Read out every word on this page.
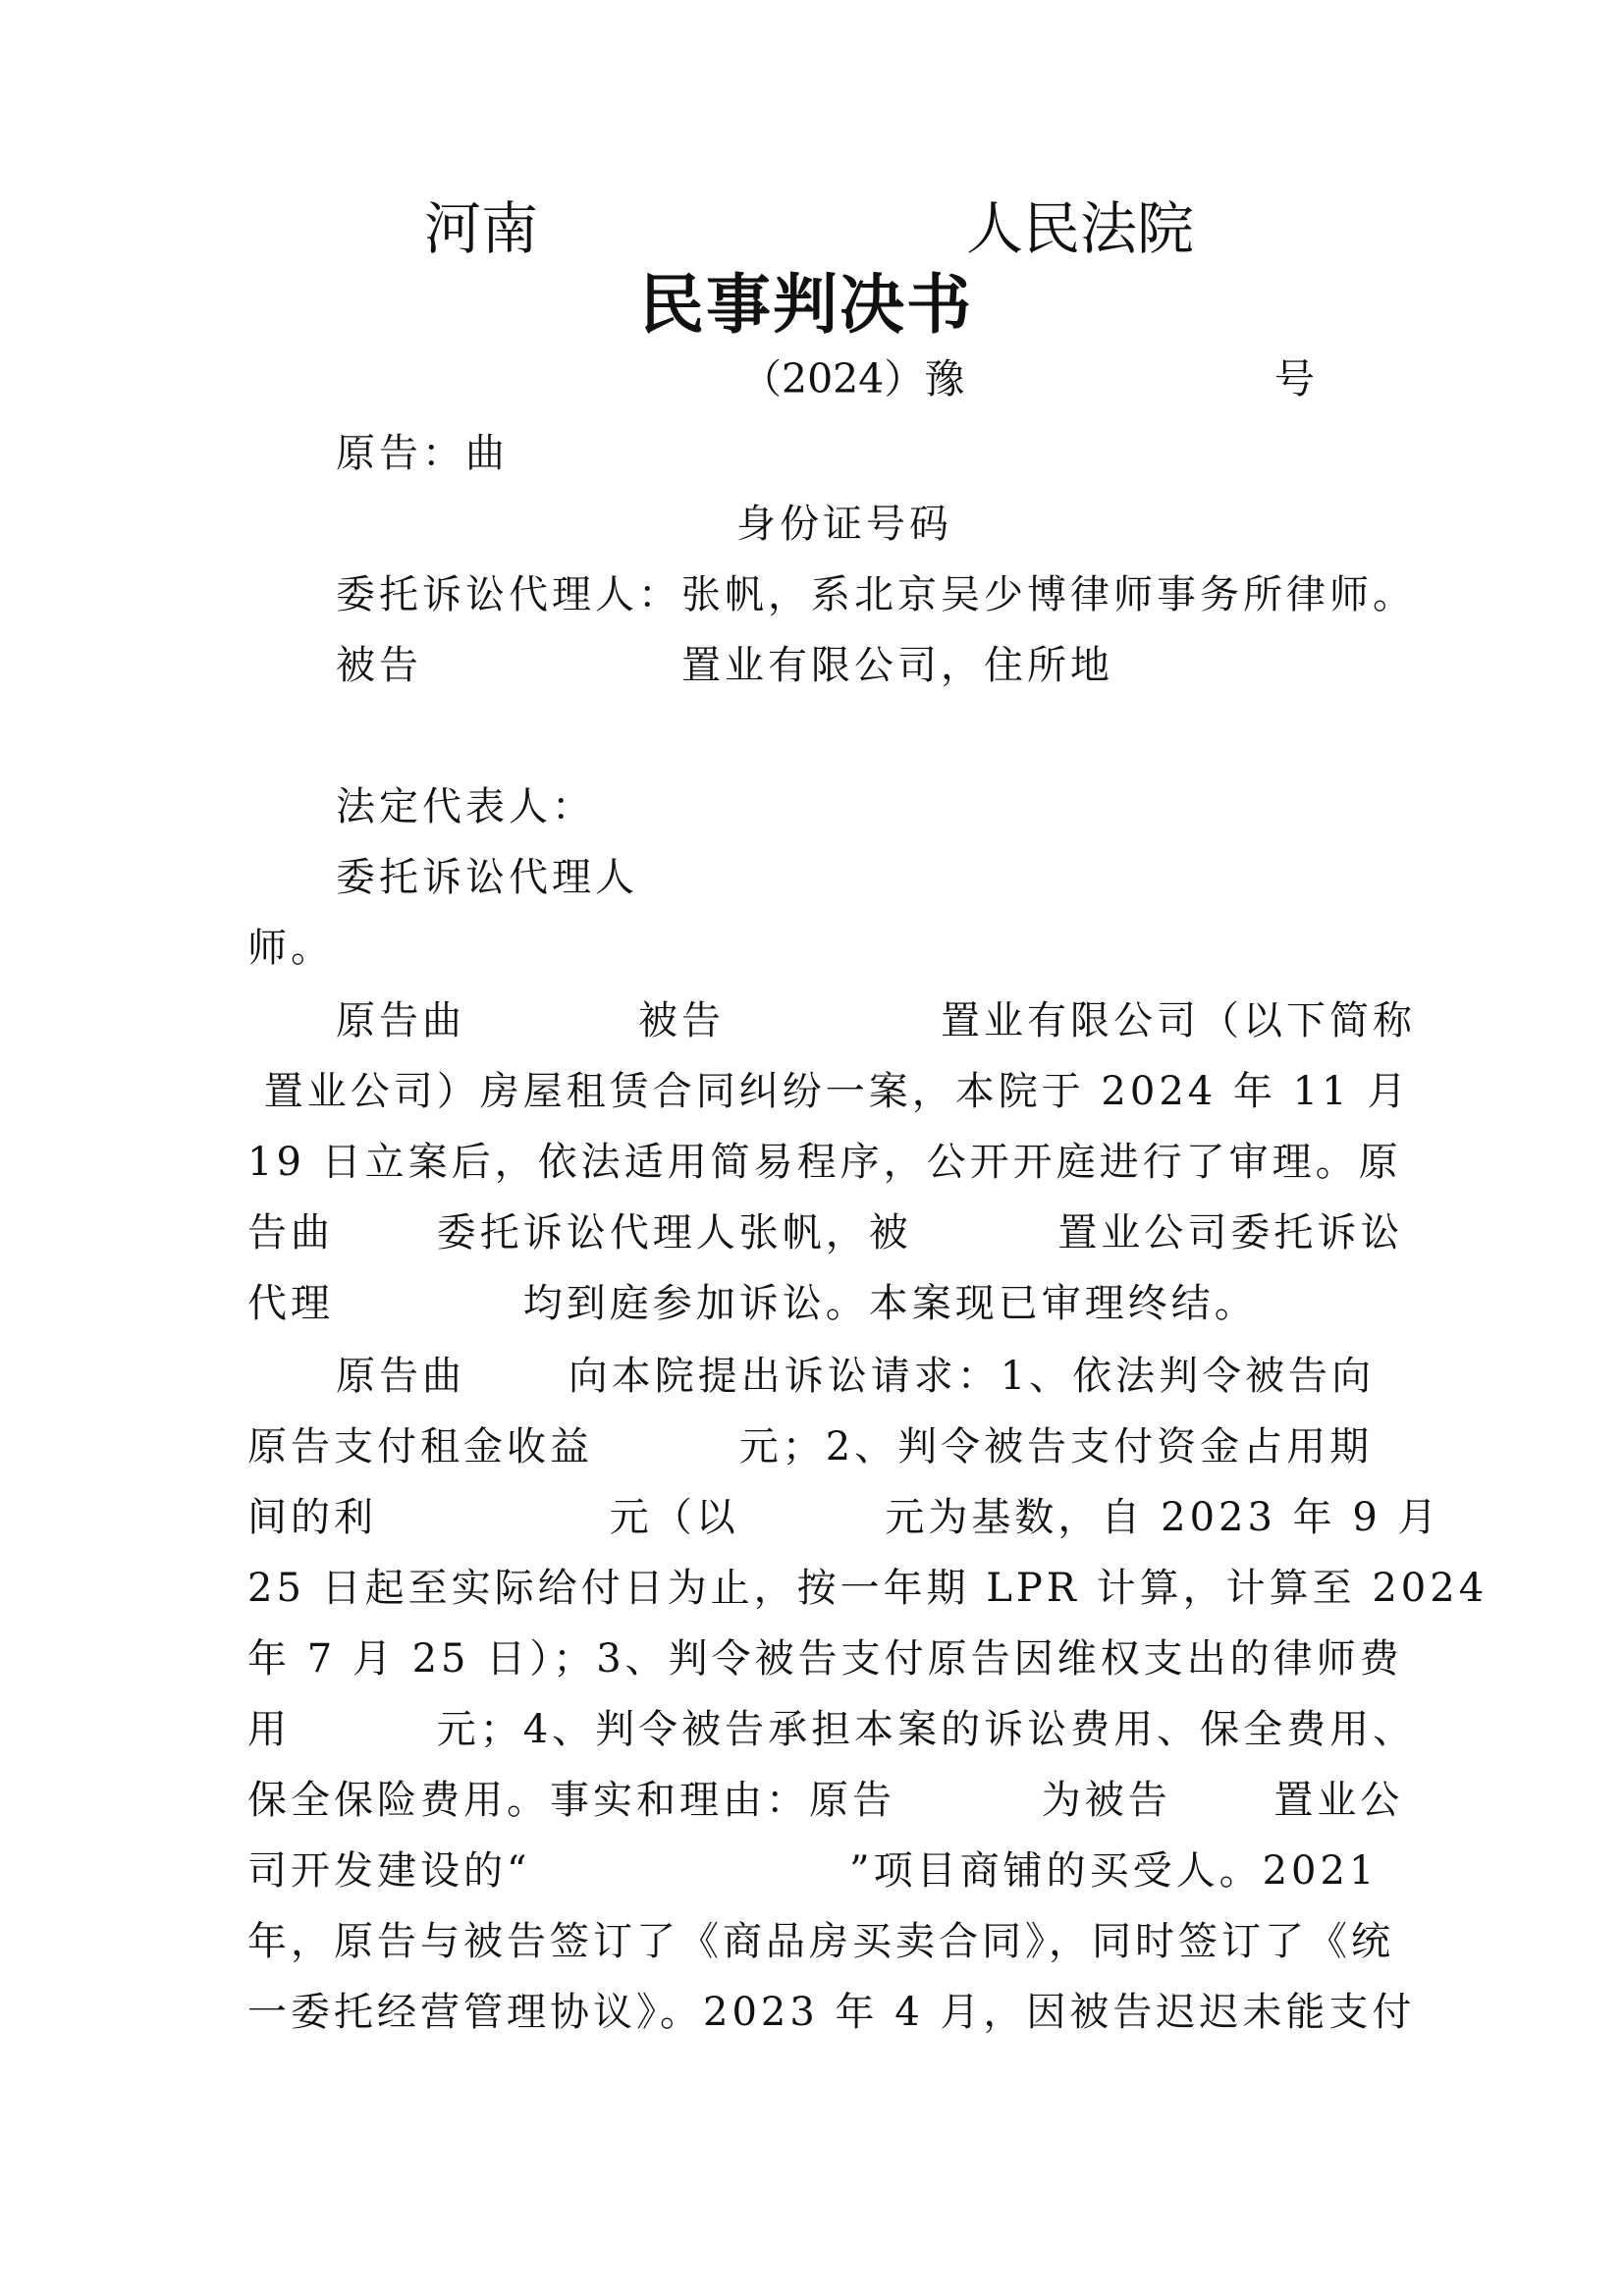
河南	人民法院
民事判决书
（2024）豫	号
原告：曲
身份证号码
委托诉讼代理人：张帆，系北京吴少博律师事务所律师。
被告　　　　　　置业有限公司，住所地
法定代表人：
委托诉讼代理人
师。
原告曲　　　　被告　　　　　置业有限公司（以下简称
置业公司）房屋租赁合同纠纷一案，本院于 2024 年 11 月
19 日立案后，依法适用简易程序，公开开庭进行了审理。原
告曲　　 委托诉讼代理人张帆，被　　　 置业公司委托诉讼
代理　　　　 均到庭参加诉讼。本案现已审理终结。
原告曲　　 向本院提出诉讼请求：1、依法判令被告向
原告支付租金收益　　　 元；2、判令被告支付资金占用期
间的利　　　　　 元（以　　　 元为基数，自 2023 年 9 月
25 日起至实际给付日为止，按一年期 LPR 计算，计算至 2024
年 7 月 25 日）；3、判令被告支付原告因维权支出的律师费
用　　　 元；4、判令被告承担本案的诉讼费用、保全费用、
保全保险费用。事实和理由：原告　　　 为被告　　 置业公
司开发建设的“　　　　　　　 ”项目商铺的买受人。2021
年，原告与被告签订了《商品房买卖合同》，同时签订了《统
一委托经营管理协议》。2023 年 4 月，因被告迟迟未能支付
